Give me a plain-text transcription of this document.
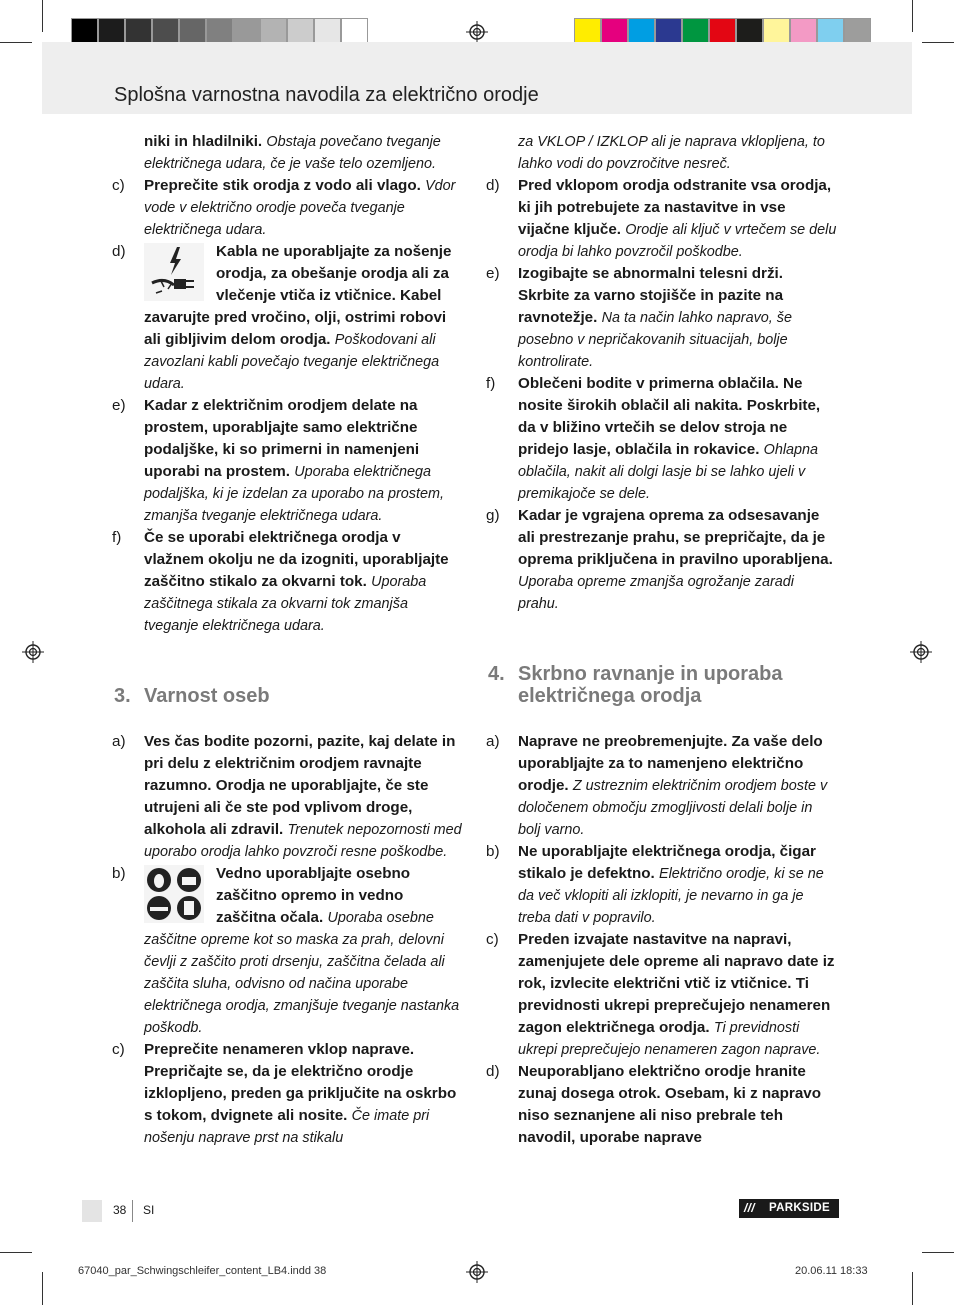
Splošna varnostna navodila za električno orodje

niki in hladilniki. Obstaja povečano tveganje električnega udara, če je vaše telo ozemljeno.

c) Preprečite stik orodja z vodo ali vlago. Vdor vode v električno orodje poveča tveganje električnega udara.

d)	Kabla ne uporabljajte za nošenje orodja, za obešanje orodja ali za vlečenje vtiča iz vtičnice. Kabel zavarujte pred vročino, olji, ostrimi robovi ali gibljivim delom orodja. Poškodovani ali zavozlani kabli povečajo tveganje električnega udara.

e) Kadar z električnim orodjem delate na prostem, uporabljajte samo električne podaljške, ki so primerni in namenjeni uporabi na prostem. Uporaba električnega podaljška, ki je izdelan za uporabo na prostem, zmanjša tveganje električnega udara.

f) Če se uporabi električnega orodja v vlažnem okolju ne da izogniti, uporabljajte zaščitno stikalo za okvarni tok. Uporaba zaščitnega stikala za okvarni tok zmanjša tveganje električnega udara.

3. Varnost oseb

a) Ves čas bodite pozorni, pazite, kaj delate in pri delu z električnim orodjem ravnajte razumno. Orodja ne uporabljajte, če ste utrujeni ali če ste pod vplivom droge, alkohola ali zdravil. Trenutek nepozornosti med uporabo orodja lahko povzroči resne poškodbe.

b)	Vedno uporabljajte osebno zaščitno opremo in vedno zaščitna očala. Uporaba osebne zaščitne opreme kot so maska za prah, delovni čevlji z zaščito proti drsenju, zaščitna čelada ali zaščita sluha, odvisno od načina uporabe električnega orodja, zmanjšuje tveganje nastanka poškodb.

c) Preprečite nenameren vklop naprave. Prepričajte se, da je električno orodje izklopljeno, preden ga priključite na oskrbo s tokom, dvignete ali nosite. Če imate pri nošenju naprave prst na stikalu

za VKLOP / IZKLOP ali je naprava vklopljena, to lahko vodi do povzročitve nesreč.

d) Pred vklopom orodja odstranite vsa orodja, ki jih potrebujete za nastavitve in vse vijačne ključe. Orodje ali ključ v vrtečem se delu orodja bi lahko povzročil poškodbe.

e) Izogibajte se abnormalni telesni drži. Skrbite za varno stojišče in pazite na ravnotežje. Na ta način lahko napravo, še posebno v nepričakovanih situacijah, bolje kontrolirate.

f) Oblečeni bodite v primerna oblačila. Ne nosite širokih oblačil ali nakita. Poskrbite, da v bližino vrtečih se delov stroja ne pridejo lasje, oblačila in rokavice. Ohlapna oblačila, nakit ali dolgi lasje bi se lahko ujeli v premikajoče se dele.

g) Kadar je vgrajena oprema za odsesavanje ali prestrezanje prahu, se prepričajte, da je oprema priključena in pravilno uporabljena. Uporaba opreme zmanjša ogrožanje zaradi prahu.

4. Skrbno ravnanje in uporaba električnega orodja

a) Naprave ne preobremenjujte. Za vaše delo uporabljajte za to namenjeno električno orodje. Z ustreznim električnim orodjem boste v določenem območju zmogljivosti delali bolje in bolj varno.

b) Ne uporabljajte električnega orodja, čigar stikalo je defektno. Električno orodje, ki se ne da več vklopiti ali izklopiti, je nevarno in ga je treba dati v popravilo.

c) Preden izvajate nastavitve na napravi, zamenjujete dele opreme ali napravo date iz rok, izvlecite električni vtič iz vtičnice. Ti previdnosti ukrepi preprečujejo nenameren zagon električnega orodja. Ti previdnosti ukrepi preprečujejo nenameren zagon naprave.

d) Neuporabljano električno orodje hranite zunaj dosega otrok. Osebam, ki z napravo niso seznanjene ali niso prebrale teh navodil, uporabe naprave

38 SI	/// PARKSIDE
67040_par_Schwingschleifer_content_LB4.indd 38	20.06.11 18:33
